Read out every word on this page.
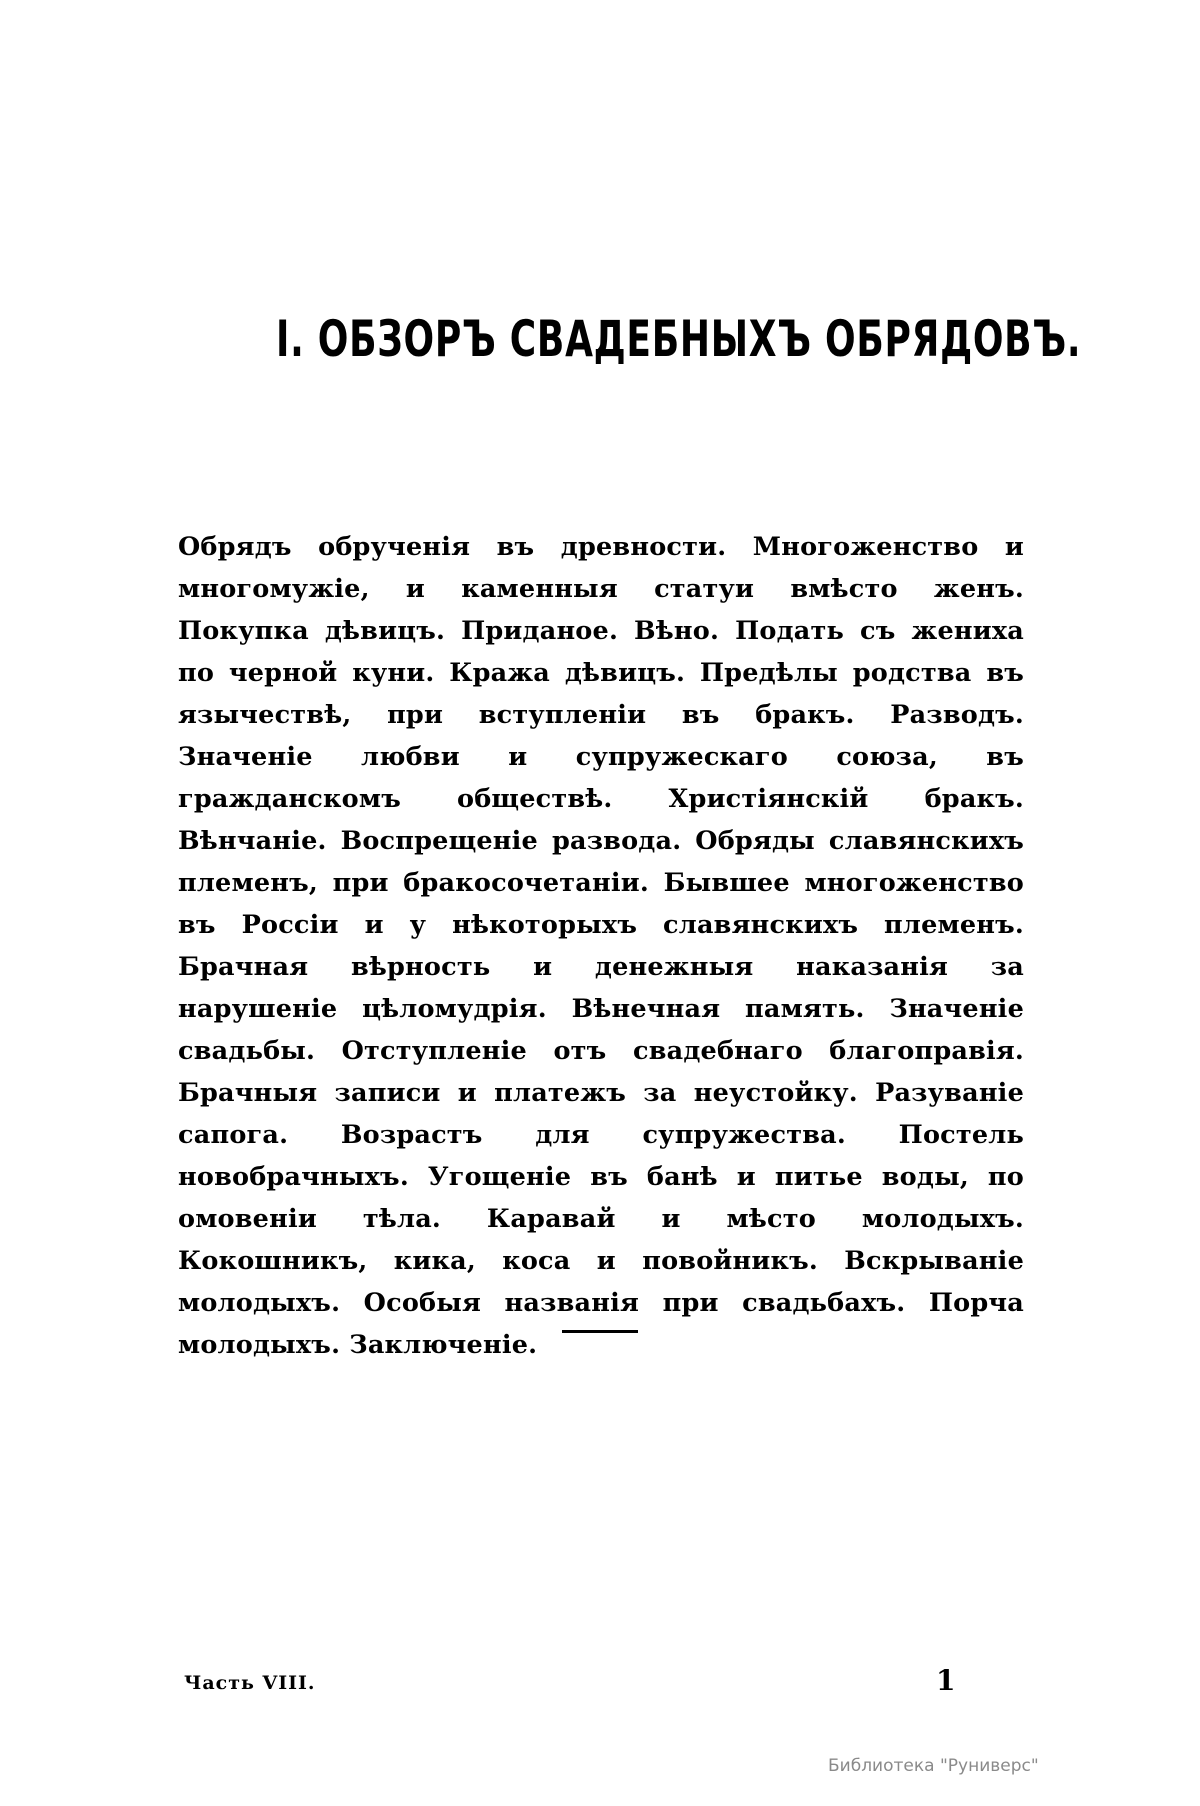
I. ОБЗОРЪ СВАДЕБНЫХЪ ОБРЯДОВЪ.
Обрядъ обрученія въ древности. Многоженство и многомужіе, и каменныя статуи вмѣсто женъ. Покупка дѣвицъ. Приданое. Вѣно. Подать съ жениха по черной куни. Кража дѣвицъ. Предѣлы родства въ язычествѣ, при вступленіи въ бракъ. Разводъ. Значеніе любви и супружескаго союза, въ гражданскомъ обществѣ. Христіянскій бракъ. Вѣнчаніе. Воспрещеніе развода. Обряды славянскихъ племенъ, при бракосочетаніи. Бывшее многоженство въ Россіи и у нѣкоторыхъ славянскихъ племенъ. Брачная вѣрность и денежныя наказанія за нарушеніе цѣломудрія. Вѣнечная память. Значеніе свадьбы. Отступленіе отъ свадебнаго благоправія. Брачныя записи и платежъ за неустойку. Разуваніе сапога. Возрастъ для супружества. Постель новобрачныхъ. Угощеніе въ банѣ и питье воды, по омовеніи тѣла. Каравай и мѣсто молодыхъ. Кокошникъ, кика, коса и повойникъ. Вскрываніе молодыхъ. Особыя названія при свадьбахъ. Порча молодыхъ. Заключеніе.
Часть VIII.	1
Библиотека "Руниверс"
